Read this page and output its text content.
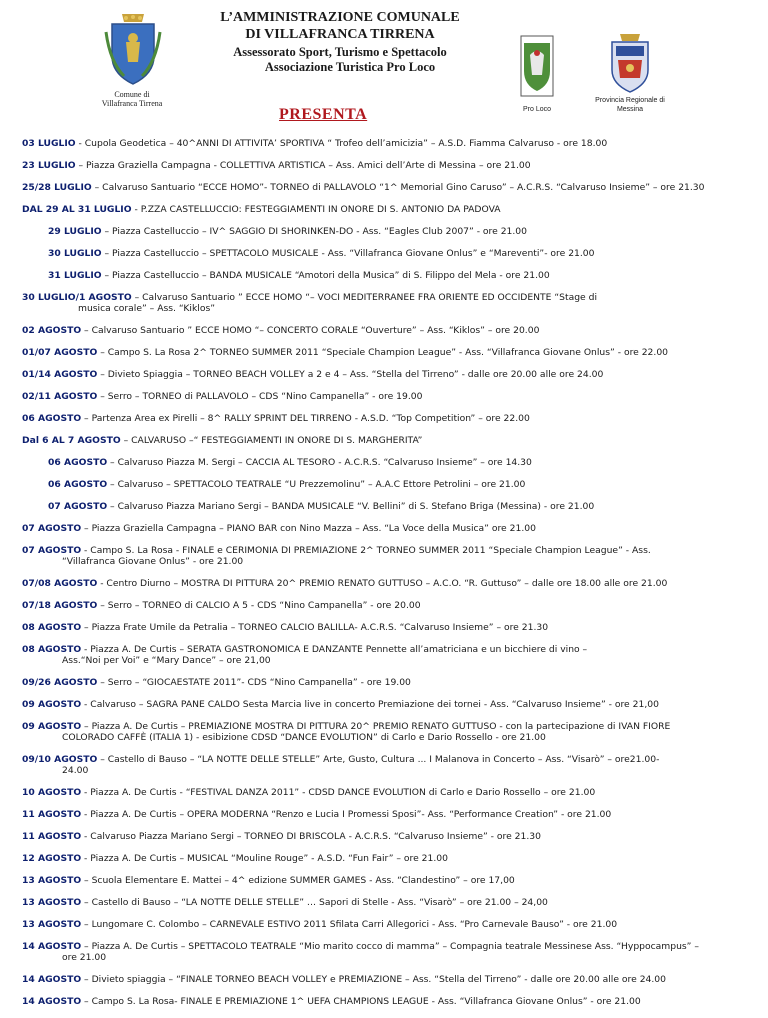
Comune di
Villafranca Tirrena
L’AMMINISTRAZIONE COMUNALE
DI VILLAFRANCA TIRRENA
Assessorato Sport, Turismo e Spettacolo
Associazione Turistica Pro Loco
PRESENTA	Pro Loco
Provincia Regionale di
Messina
03 LUGLIO - Cupola Geodetica – 40^ANNI DI ATTIVITA’ SPORTIVA “ Trofeo dell’amicizia” – A.S.D. Fiamma Calvaruso - ore 18.00
23 LUGLIO – Piazza Graziella Campagna - COLLETTIVA ARTISTICA – Ass. Amici dell’Arte di Messina – ore 21.00
25/28 LUGLIO – Calvaruso Santuario “ECCE HOMO”- TORNEO di PALLAVOLO “1^ Memorial Gino Caruso” – A.C.R.S. “Calvaruso Insieme” – ore 21.30
DAL 29 AL 31 LUGLIO - P.ZZA CASTELLUCCIO: FESTEGGIAMENTI IN ONORE DI S. ANTONIO DA PADOVA
29 LUGLIO – Piazza Castelluccio – IV^ SAGGIO DI SHORINKEN-DO - Ass. “Eagles Club 2007” - ore 21.00
30 LUGLIO – Piazza Castelluccio – SPETTACOLO MUSICALE - Ass. “Villafranca Giovane Onlus” e “Mareventi”- ore 21.00
31 LUGLIO – Piazza Castelluccio – BANDA MUSICALE “Amotori della Musica” di S. Filippo del Mela - ore 21.00
30 LUGLIO/1 AGOSTO – Calvaruso Santuario ” ECCE HOMO “– VOCI MEDITERRANEE FRA ORIENTE ED OCCIDENTE “Stage di
musica corale” – Ass. “Kiklos”
02 AGOSTO – Calvaruso Santuario ” ECCE HOMO “– CONCERTO CORALE “Ouverture” – Ass. “Kiklos” – ore 20.00
01/07 AGOSTO – Campo S. La Rosa 2^ TORNEO SUMMER 2011 “Speciale Champion League” - Ass. “Villafranca Giovane Onlus” - ore 22.00
01/14 AGOSTO – Divieto Spiaggia – TORNEO BEACH VOLLEY a 2 e 4 – Ass. “Stella del Tirreno” - dalle ore 20.00 alle ore 24.00
02/11 AGOSTO – Serro – TORNEO di PALLAVOLO – CDS “Nino Campanella” - ore 19.00
06 AGOSTO – Partenza Area ex Pirelli – 8^ RALLY SPRINT DEL TIRRENO - A.S.D. “Top Competition” – ore 22.00
Dal 6 AL 7 AGOSTO – CALVARUSO –“ FESTEGGIAMENTI IN ONORE DI S. MARGHERITA”
06 AGOSTO – Calvaruso Piazza M. Sergi – CACCIA AL TESORO - A.C.R.S. “Calvaruso Insieme” – ore 14.30
06 AGOSTO – Calvaruso – SPETTACOLO TEATRALE “U Prezzemolinu” – A.A.C Ettore Petrolini – ore 21.00
07 AGOSTO – Calvaruso Piazza Mariano Sergi – BANDA MUSICALE “V. Bellini” di S. Stefano Briga (Messina) - ore 21.00
07 AGOSTO – Piazza Graziella Campagna – PIANO BAR con Nino Mazza – Ass. “La Voce della Musica” ore 21.00
07 AGOSTO - Campo S. La Rosa - FINALE e CERIMONIA DI PREMIAZIONE 2^ TORNEO SUMMER 2011 “Speciale Champion League” - Ass.
“Villafranca Giovane Onlus” - ore 21.00
07/08 AGOSTO - Centro Diurno – MOSTRA DI PITTURA 20^ PREMIO RENATO GUTTUSO – A.C.O. “R. Guttuso” – dalle ore 18.00 alle ore 21.00
07/18 AGOSTO – Serro – TORNEO di CALCIO A 5 - CDS “Nino Campanella” - ore 20.00
08 AGOSTO – Piazza Frate Umile da Petralia – TORNEO CALCIO BALILLA- A.C.R.S. “Calvaruso Insieme” – ore 21.30
08 AGOSTO - Piazza A. De Curtis – SERATA GASTRONOMICA E DANZANTE Pennette all’amatriciana e un bicchiere di vino –
Ass.“Noi per Voi” e “Mary Dance” – ore 21,00
09/26 AGOSTO – Serro – “GIOCAESTATE 2011”- CDS “Nino Campanella” - ore 19.00
09 AGOSTO - Calvaruso – SAGRA PANE CALDO Sesta Marcia live in concerto Premiazione dei tornei - Ass. “Calvaruso Insieme” - ore 21,00
09 AGOSTO – Piazza A. De Curtis – PREMIAZIONE MOSTRA DI PITTURA 20^ PREMIO RENATO GUTTUSO - con la partecipazione di IVAN FIORE
COLORADO CAFFÈ (ITALIA 1) - esibizione CDSD “DANCE EVOLUTION” di Carlo e Dario Rossello - ore 21.00
09/10 AGOSTO – Castello di Bauso – “LA NOTTE DELLE STELLE” Arte, Gusto, Cultura ... I Malanova in Concerto – Ass. “Visarò” – ore21.00-
24.00
10 AGOSTO - Piazza A. De Curtis - “FESTIVAL DANZA 2011” - CDSD DANCE EVOLUTION di Carlo e Dario Rossello – ore 21.00
11 AGOSTO - Piazza A. De Curtis – OPERA MODERNA “Renzo e Lucia I Promessi Sposi”- Ass. “Performance Creation” - ore 21.00
11 AGOSTO - Calvaruso Piazza Mariano Sergi – TORNEO DI BRISCOLA - A.C.R.S. “Calvaruso Insieme” - ore 21.30
12 AGOSTO - Piazza A. De Curtis – MUSICAL “Mouline Rouge” - A.S.D. “Fun Fair” – ore 21.00
13 AGOSTO – Scuola Elementare E. Mattei – 4^ edizione SUMMER GAMES - Ass. “Clandestino” – ore 17,00
13 AGOSTO – Castello di Bauso – “LA NOTTE DELLE STELLE” … Sapori di Stelle - Ass. “Visarò” – ore 21.00 – 24,00
13 AGOSTO – Lungomare C. Colombo – CARNEVALE ESTIVO 2011 Sfilata Carri Allegorici - Ass. “Pro Carnevale Bauso” - ore 21.00
14 AGOSTO – Piazza A. De Curtis – SPETTACOLO TEATRALE “Mio marito cocco di mamma” – Compagnia teatrale Messinese Ass. “Hyppocampus” –
ore 21.00
14 AGOSTO – Divieto spiaggia – “FINALE TORNEO BEACH VOLLEY e PREMIAZIONE – Ass. “Stella del Tirreno” - dalle ore 20.00 alle ore 24.00
14 AGOSTO – Campo S. La Rosa- FINALE E PREMIAZIONE 1^ UEFA CHAMPIONS LEAGUE - Ass. “Villafranca Giovane Onlus” - ore 21.00
